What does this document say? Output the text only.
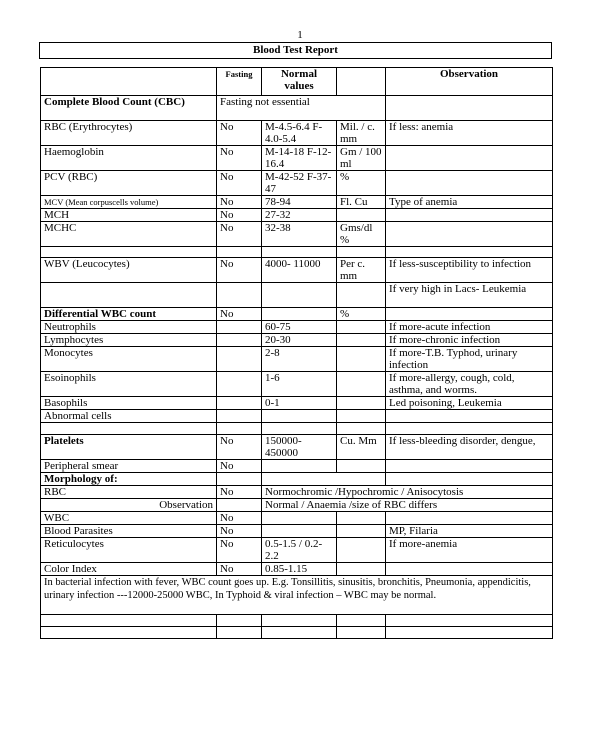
1
Blood Test Report
	Fasting	Normal values		Observation
Complete Blood Count (CBC)	Fasting not essential			
RBC (Erythrocytes)	No	M-4.5-6.4 F-4.0-5.4	Mil. / c. mm	If less: anemia
Haemoglobin	No	M-14-18 F-12-16.4	Gm / 100 ml	
PCV (RBC)	No	M-42-52 F-37-47	%	
MCV (Mean corpuscells volume)	No	78-94	Fl. Cu	Type of anemia
MCH	No	27-32		
MCHC	No	32-38	Gms/dl %	

WBV (Leucocytes)	No	4000- 11000	Per c. mm	If less-susceptibility to infection
				If very high in Lacs- Leukemia
Differential WBC count	No		%	
Neutrophils		60-75		If more-acute infection
Lymphocytes		20-30		If more-chronic infection
Monocytes		2-8		If more-T.B. Typhod, urinary infection
Esoinophils		1-6		If more-allergy, cough, cold, asthma, and worms.
Basophils		0-1		Led poisoning, Leukemia
Abnormal cells				

Platelets	No	150000- 450000	Cu. Mm	If less-bleeding disorder, dengue,
Peripheral smear	No			
Morphology of:				
RBC	No	Normochromic /Hypochromic / Anisocytosis		
Observation		Normal / Anaemia /size of RBC differs		
WBC	No			
Blood Parasites	No			MP, Filaria
Reticulocytes	No	0.5-1.5 / 0.2-2.2		If more-anemia
Color Index	No	0.85-1.15		
In bacterial infection with fever, WBC count goes up. E.g. Tonsillitis, sinusitis, bronchitis, Pneumonia, appendicitis, urinary infection ---12000-25000 WBC, In Typhoid & viral infection – WBC may be normal.				
